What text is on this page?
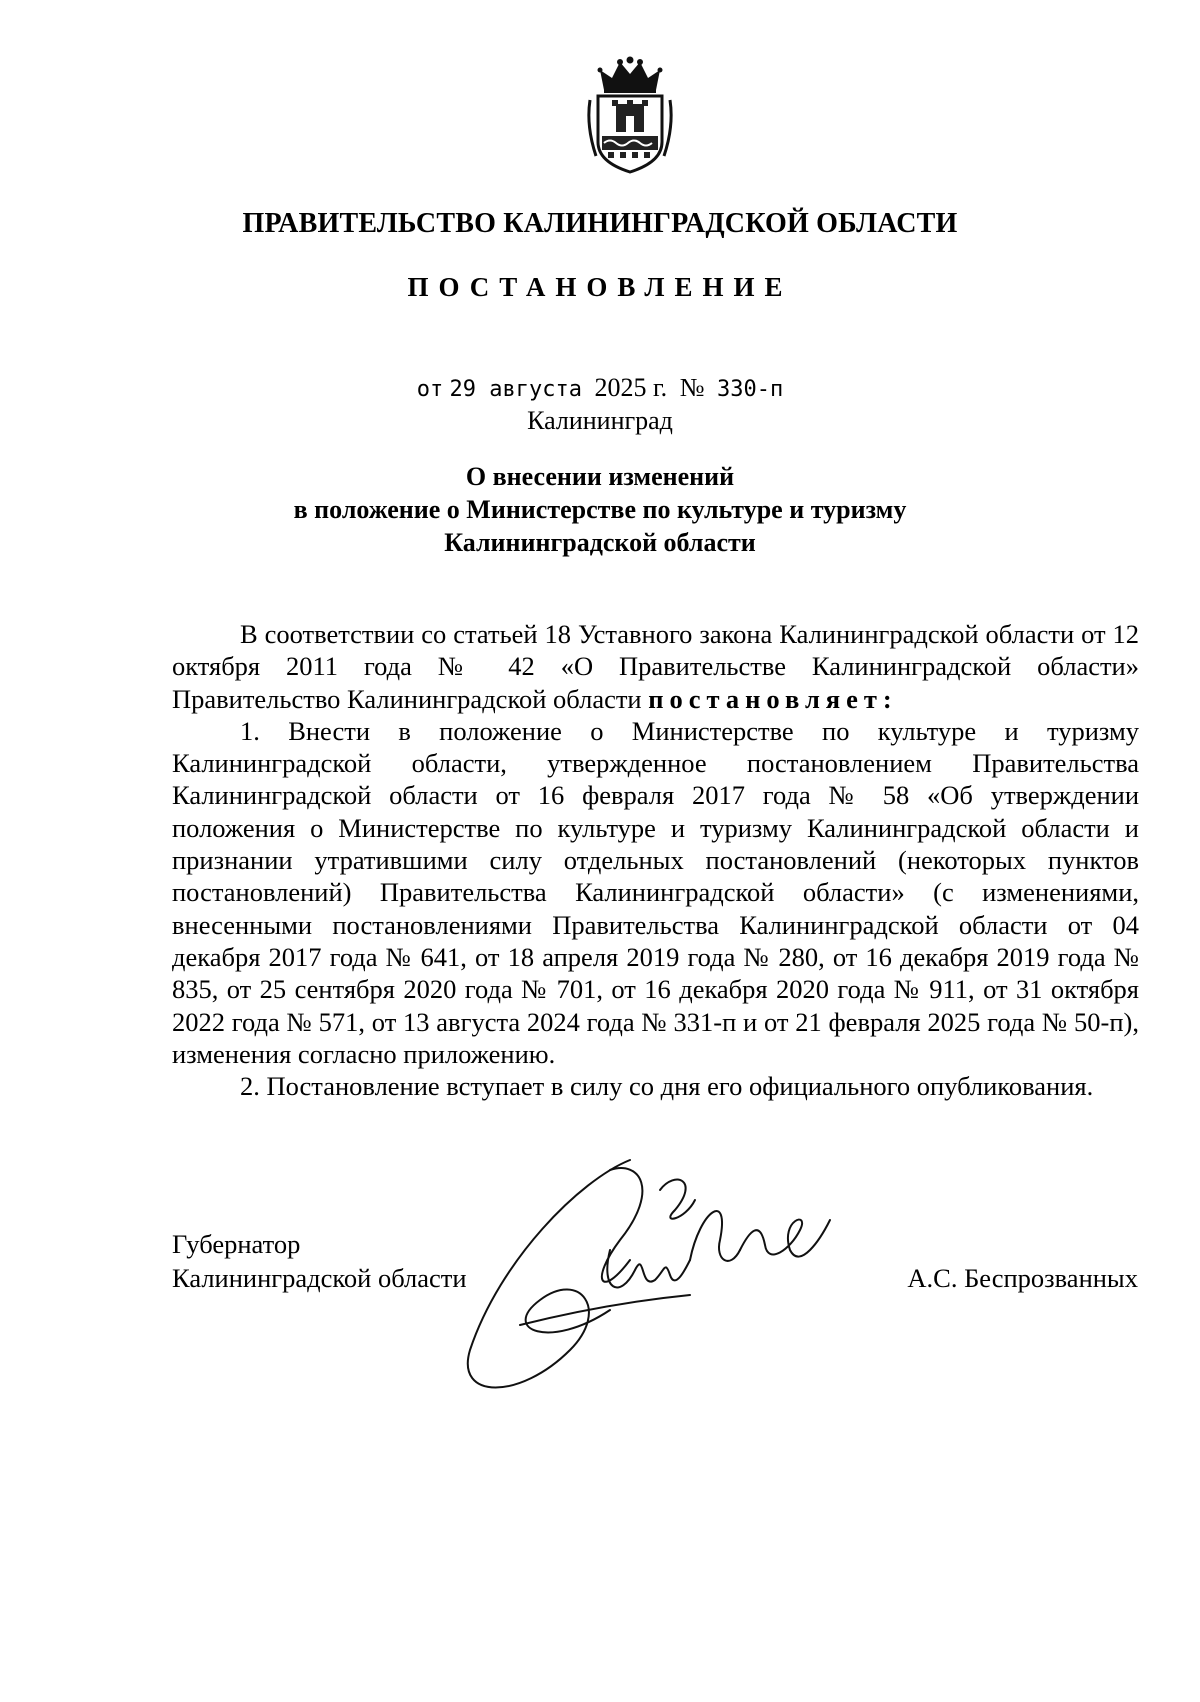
ПРАВИТЕЛЬСТВО КАЛИНИНГРАДСКОЙ ОБЛАСТИ
ПОСТАНОВЛЕНИЕ
от 29 августа 2025 г. № 330-п
Калининград
О внесении изменений
в положение о Министерстве по культуре и туризму
Калининградской области

В соответствии со статьей 18 Уставного закона Калининградской области от 12 октября 2011 года № 42 «О Правительстве Калининградской области» Правительство Калининградской области постановляет:

1. Внести в положение о Министерстве по культуре и туризму Калининградской области, утвержденное постановлением Правительства Калининградской области от 16 февраля 2017 года № 58 «Об утверждении положения о Министерстве по культуре и туризму Калининградской области и признании утратившими силу отдельных постановлений (некоторых пунктов постановлений) Правительства Калининградской области» (с изменениями, внесенными постановлениями Правительства Калининградской области от 04 декабря 2017 года № 641, от 18 апреля 2019 года № 280, от 16 декабря 2019 года № 835, от 25 сентября 2020 года № 701, от 16 декабря 2020 года № 911, от 31 октября 2022 года № 571, от 13 августа 2024 года № 331-п и от 21 февраля 2025 года № 50-п), изменения согласно приложению.

2. Постановление вступает в силу со дня его официального опубликования.

Губернатор
Калининградской области	А.С. Беспрозванных
